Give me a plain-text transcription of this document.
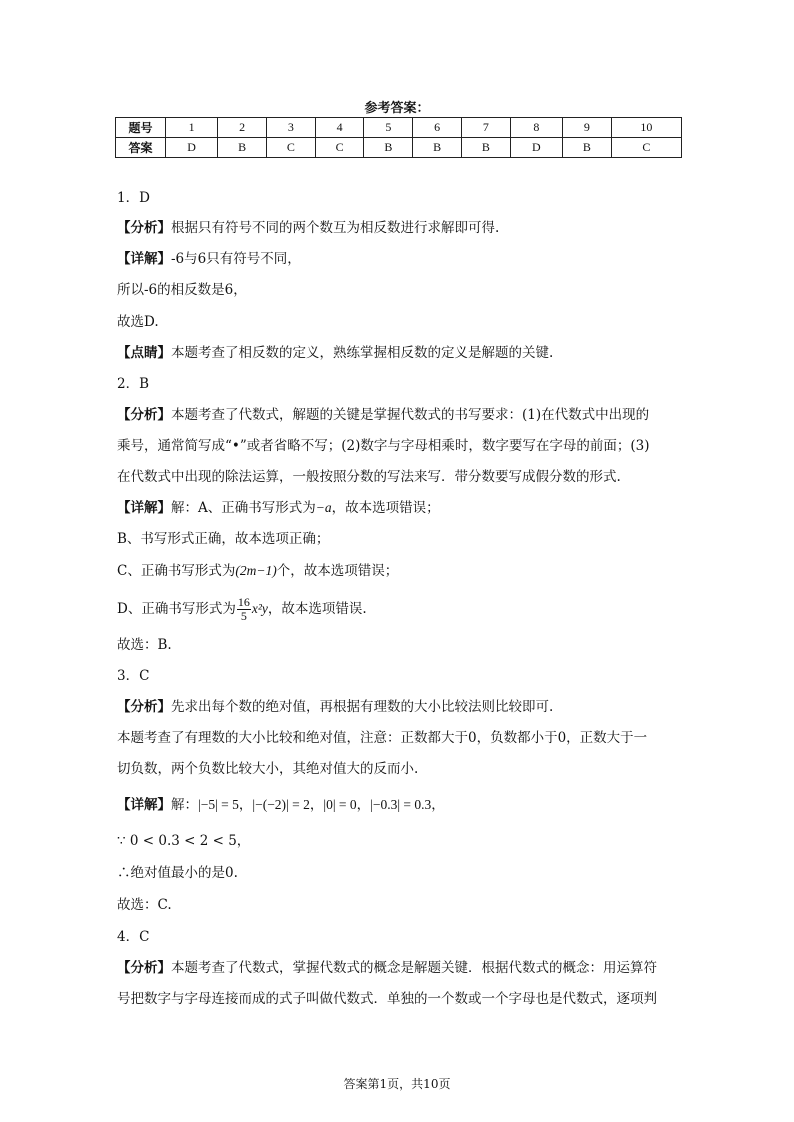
参考答案：
题号	1	2	3	4	5	6	7	8	9	10
答案	D	B	C	C	B	B	B	D	B	C
1．D
【分析】根据只有符号不同的两个数互为相反数进行求解即可得.
【详解】-6与6只有符号不同，
所以-6的相反数是6，
故选D.
【点睛】本题考查了相反数的定义，熟练掌握相反数的定义是解题的关键.
2．B
【分析】本题考查了代数式，解题的关键是掌握代数式的书写要求：(1)在代数式中出现的
乘号，通常简写成“•”或者省略不写；(2)数字与字母相乘时，数字要写在字母的前面；(3)
在代数式中出现的除法运算，一般按照分数的写法来写．带分数要写成假分数的形式.
【详解】解：A、正确书写形式为−a，故本选项错误；
B、书写形式正确，故本选项正确；
C、正确书写形式为(2m−1)个，故本选项错误；
D、正确书写形式为 $\frac{16}{5} x^2y$，故本选项错误.
故选：B.
3．C
【分析】先求出每个数的绝对值，再根据有理数的大小比较法则比较即可.
本题考查了有理数的大小比较和绝对值，注意：正数都大于0，负数都小于0，正数大于一
切负数，两个负数比较大小，其绝对值大的反而小.
【详解】解：|−5| = 5，|−(−2)| = 2，|0| = 0，|−0.3| = 0.3，
∵ 0 < 0.3 < 2 < 5，
∴绝对值最小的是0.
故选：C.
4．C
【分析】本题考查了代数式，掌握代数式的概念是解题关键．根据代数式的概念：用运算符
号把数字与字母连接而成的式子叫做代数式．单独的一个数或一个字母也是代数式，逐项判
答案第1页，共10页
